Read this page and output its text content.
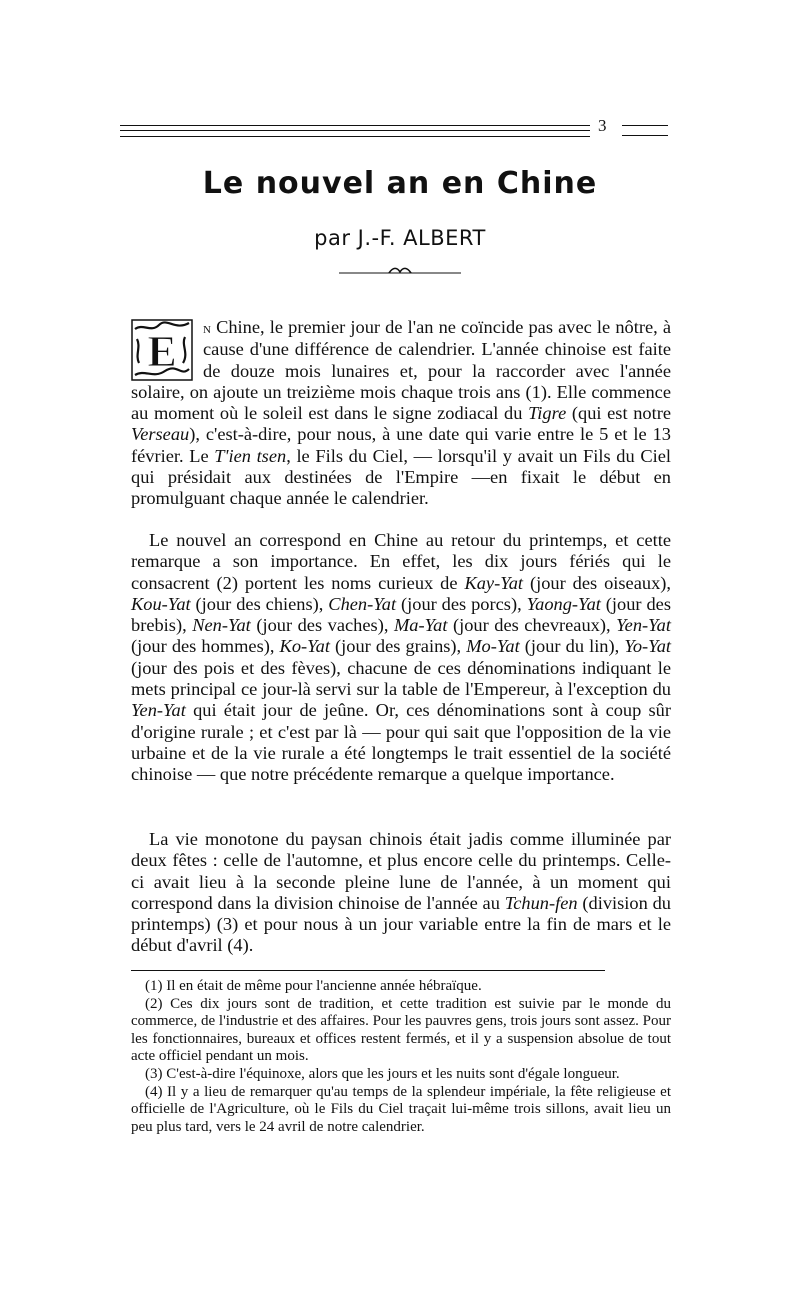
3
Le nouvel an en Chine
par J.-F. ALBERT

E n Chine, le premier jour de l'an ne coïncide pas avec le nôtre, à cause d'une différence de calendrier. L'année chinoise est faite de douze mois lunaires et, pour la raccorder avec l'année solaire, on ajoute un treizième mois chaque trois ans (1). Elle commence au moment où le soleil est dans le signe zodiacal du Tigre (qui est notre Verseau), c'est-à-dire, pour nous, à une date qui varie entre le 5 et le 13 février. Le T'ien tsen, le Fils du Ciel, — lorsqu'il y avait un Fils du Ciel qui présidait aux destinées de l'Empire —en fixait le début en promulguant chaque année le calendrier.

Le nouvel an correspond en Chine au retour du printemps, et cette remarque a son importance. En effet, les dix jours fériés qui le consacrent (2) portent les noms curieux de Kay-Yat (jour des oiseaux), Kou-Yat (jour des chiens), Chen-Yat (jour des porcs), Yaong-Yat (jour des brebis), Nen-Yat (jour des vaches), Ma-Yat (jour des chevreaux), Yen-Yat (jour des hommes), Ko-Yat (jour des grains), Mo-Yat (jour du lin), Yo-Yat (jour des pois et des fèves), chacune de ces dénominations indiquant le mets principal ce jour-là servi sur la table de l'Empereur, à l'exception du Yen-Yat qui était jour de jeûne. Or, ces dénominations sont à coup sûr d'origine rurale ; et c'est par là — pour qui sait que l'opposition de la vie urbaine et de la vie rurale a été longtemps le trait essentiel de la société chinoise — que notre précédente remarque a quelque importance.

La vie monotone du paysan chinois était jadis comme illuminée par deux fêtes : celle de l'automne, et plus encore celle du printemps. Celle-ci avait lieu à la seconde pleine lune de l'année, à un moment qui correspond dans la division chinoise de l'année au Tchun-fen (division du printemps) (3) et pour nous à un jour variable entre la fin de mars et le début d'avril (4).

(1) Il en était de même pour l'ancienne année hébraïque.

(2) Ces dix jours sont de tradition, et cette tradition est suivie par le monde du commerce, de l'industrie et des affaires. Pour les pauvres gens, trois jours sont assez. Pour les fonctionnaires, bureaux et offices restent fermés, et il y a suspension absolue de tout acte officiel pendant un mois.

(3) C'est-à-dire l'équinoxe, alors que les jours et les nuits sont d'égale longueur.

(4) Il y a lieu de remarquer qu'au temps de la splendeur impériale, la fête religieuse et officielle de l'Agriculture, où le Fils du Ciel traçait lui-même trois sillons, avait lieu un peu plus tard, vers le 24 avril de notre calendrier.
